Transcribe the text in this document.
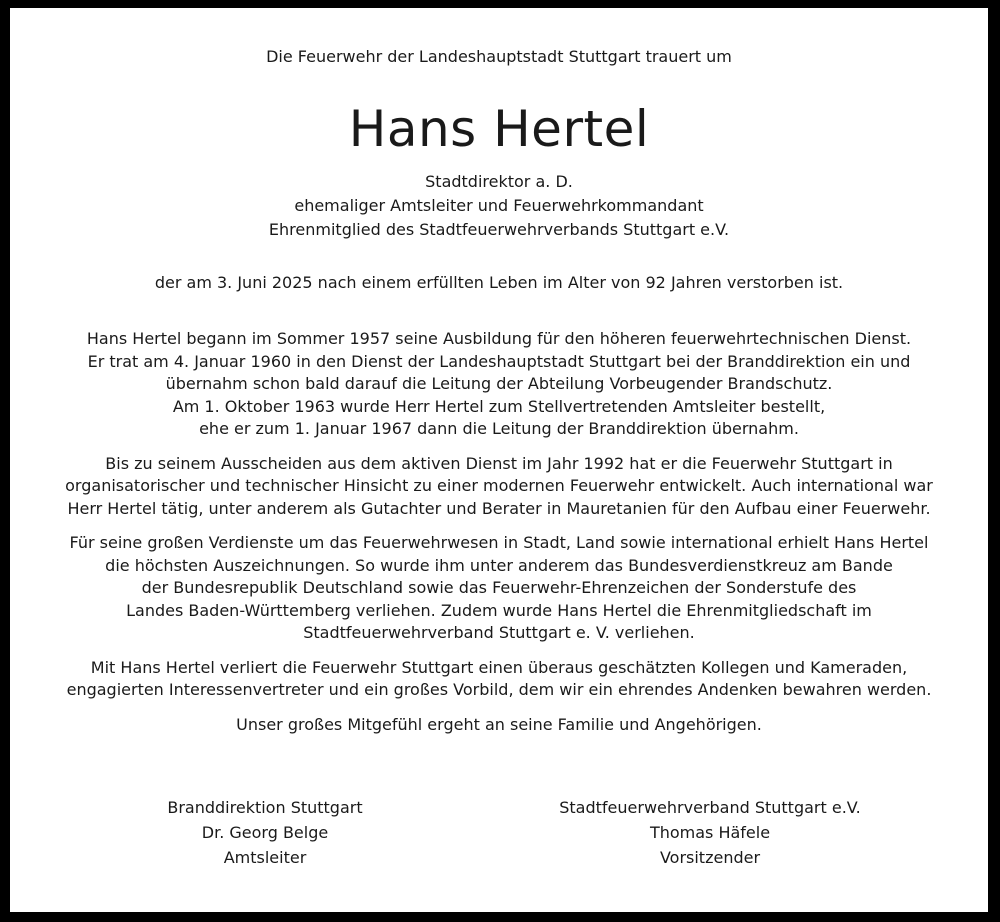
Die Feuerwehr der Landeshauptstadt Stuttgart trauert um
Hans Hertel
Stadtdirektor a. D.
ehemaliger Amtsleiter und Feuerwehrkommandant
Ehrenmitglied des Stadtfeuerwehrverbands Stuttgart e.V.
der am 3. Juni 2025 nach einem erfüllten Leben im Alter von 92 Jahren verstorben ist.

Hans Hertel begann im Sommer 1957 seine Ausbildung für den höheren feuerwehrtechnischen Dienst.
Er trat am 4. Januar 1960 in den Dienst der Landeshauptstadt Stuttgart bei der Branddirektion ein und
übernahm schon bald darauf die Leitung der Abteilung Vorbeugender Brandschutz.
Am 1. Oktober 1963 wurde Herr Hertel zum Stellvertretenden Amtsleiter bestellt,
ehe er zum 1. Januar 1967 dann die Leitung der Branddirektion übernahm.

Bis zu seinem Ausscheiden aus dem aktiven Dienst im Jahr 1992 hat er die Feuerwehr Stuttgart in
organisatorischer und technischer Hinsicht zu einer modernen Feuerwehr entwickelt. Auch international war
Herr Hertel tätig, unter anderem als Gutachter und Berater in Mauretanien für den Aufbau einer Feuerwehr.

Für seine großen Verdienste um das Feuerwehrwesen in Stadt, Land sowie international erhielt Hans Hertel
die höchsten Auszeichnungen. So wurde ihm unter anderem das Bundesverdienstkreuz am Bande
der Bundesrepublik Deutschland sowie das Feuerwehr-Ehrenzeichen der Sonderstufe des
Landes Baden-Württemberg verliehen. Zudem wurde Hans Hertel die Ehrenmitgliedschaft im
Stadtfeuerwehrverband Stuttgart e. V. verliehen.

Mit Hans Hertel verliert die Feuerwehr Stuttgart einen überaus geschätzten Kollegen und Kameraden,
engagierten Interessenvertreter und ein großes Vorbild, dem wir ein ehrendes Andenken bewahren werden.

Unser großes Mitgefühl ergeht an seine Familie und Angehörigen.

Branddirektion Stuttgart
Dr. Georg Belge
Amtsleiter
Stadtfeuerwehrverband Stuttgart e.V.
Thomas Häfele
Vorsitzender
